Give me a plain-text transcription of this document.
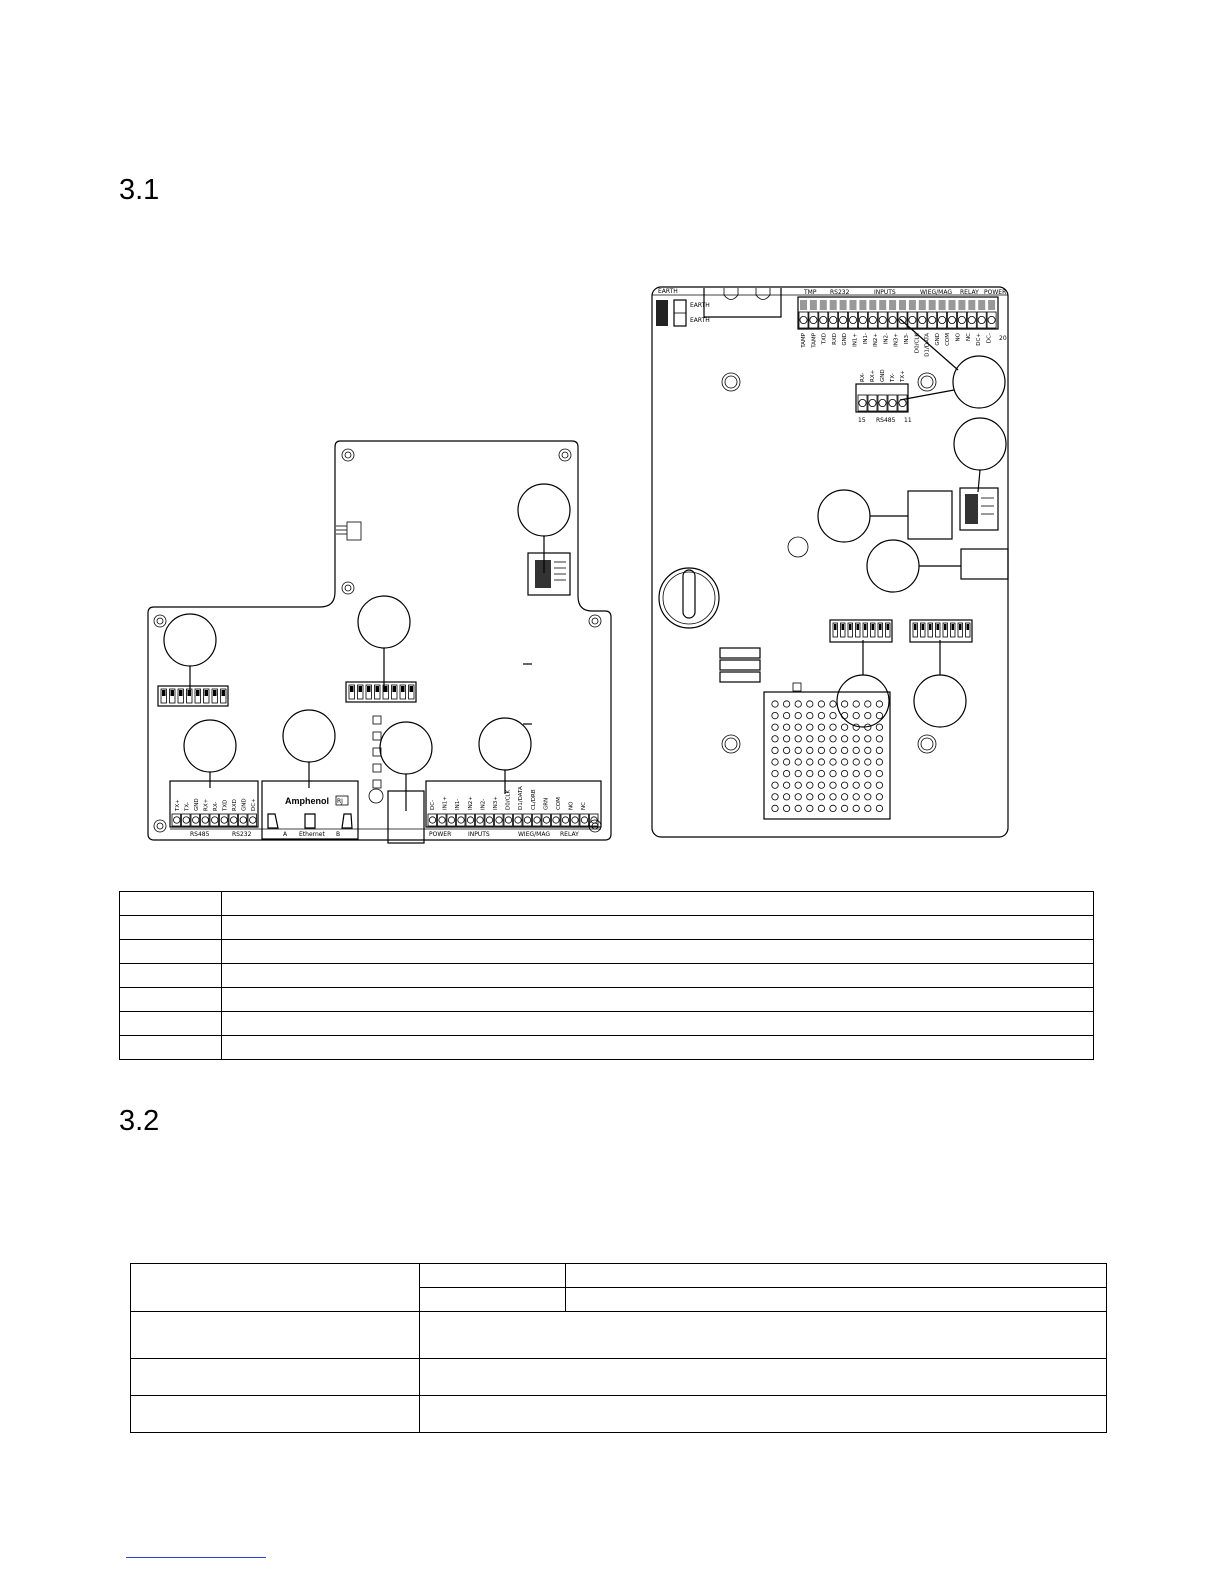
3.1
3.2
TX+ TX- GND RX+ RX- TXD RXD GND DC+	DC- IN1+ IN1- IN2+ IN2- IN3+ D0/CLK D1/DATA CL/DRB GRN COM NO NC
Amphenol RJ
RS485	RS232	A Ethernet B	POWER	INPUTS	WIEG/MAG RELAY
EARTH	TMP RS232	INPUTS	WIEG/MAG RELAY POWER
EARTH
EARTH
TAMP TAMP TXD RXD GND IN1+ IN1- IN2+ IN2- IN3+ IN3- D0/CLK D1/DATA GND COM NO NC DC+ DC- 20
RX- RX+ GND TX- TX+
15 RS485 11
